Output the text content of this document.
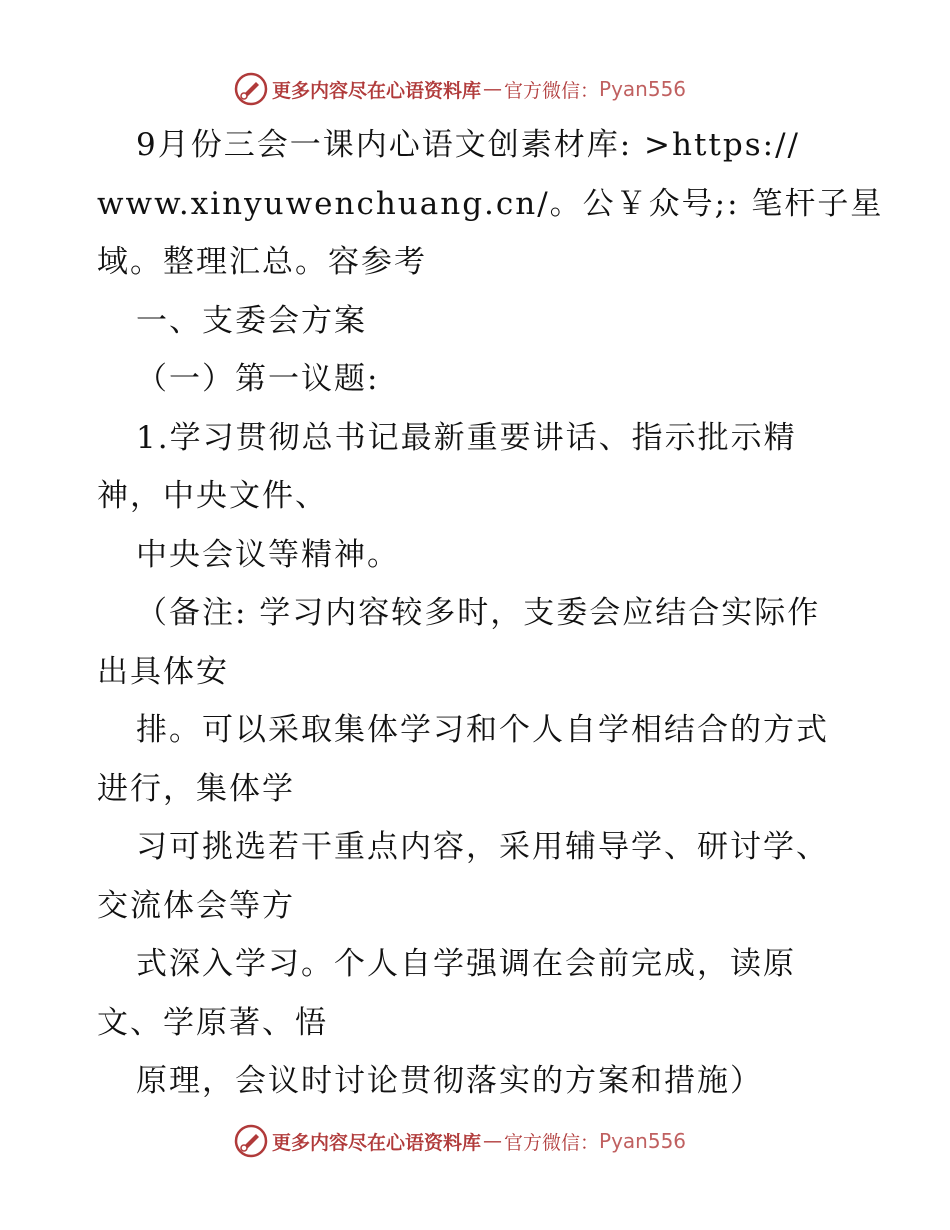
更多内容尽在心语资料库 — 官方微信： Pyan556
9月份三会一课内心语文创素材库: >https://
www.xinyuwenchuang.cn/。公￥众号;: 笔杆子星
域。整理汇总。容参考
一、支委会方案
（一）第一议题:
1.学习贯彻总书记最新重要讲话、指示批示精
神，中央文件、
中央会议等精神。
（备注: 学习内容较多时，支委会应结合实际作
出具体安
排。可以采取集体学习和个人自学相结合的方式
进行，集体学
习可挑选若干重点内容，采用辅导学、研讨学、
交流体会等方
式深入学习。个人自学强调在会前完成，读原
文、学原著、悟
原理，会议时讨论贯彻落实的方案和措施）
更多内容尽在心语资料库 — 官方微信： Pyan556
